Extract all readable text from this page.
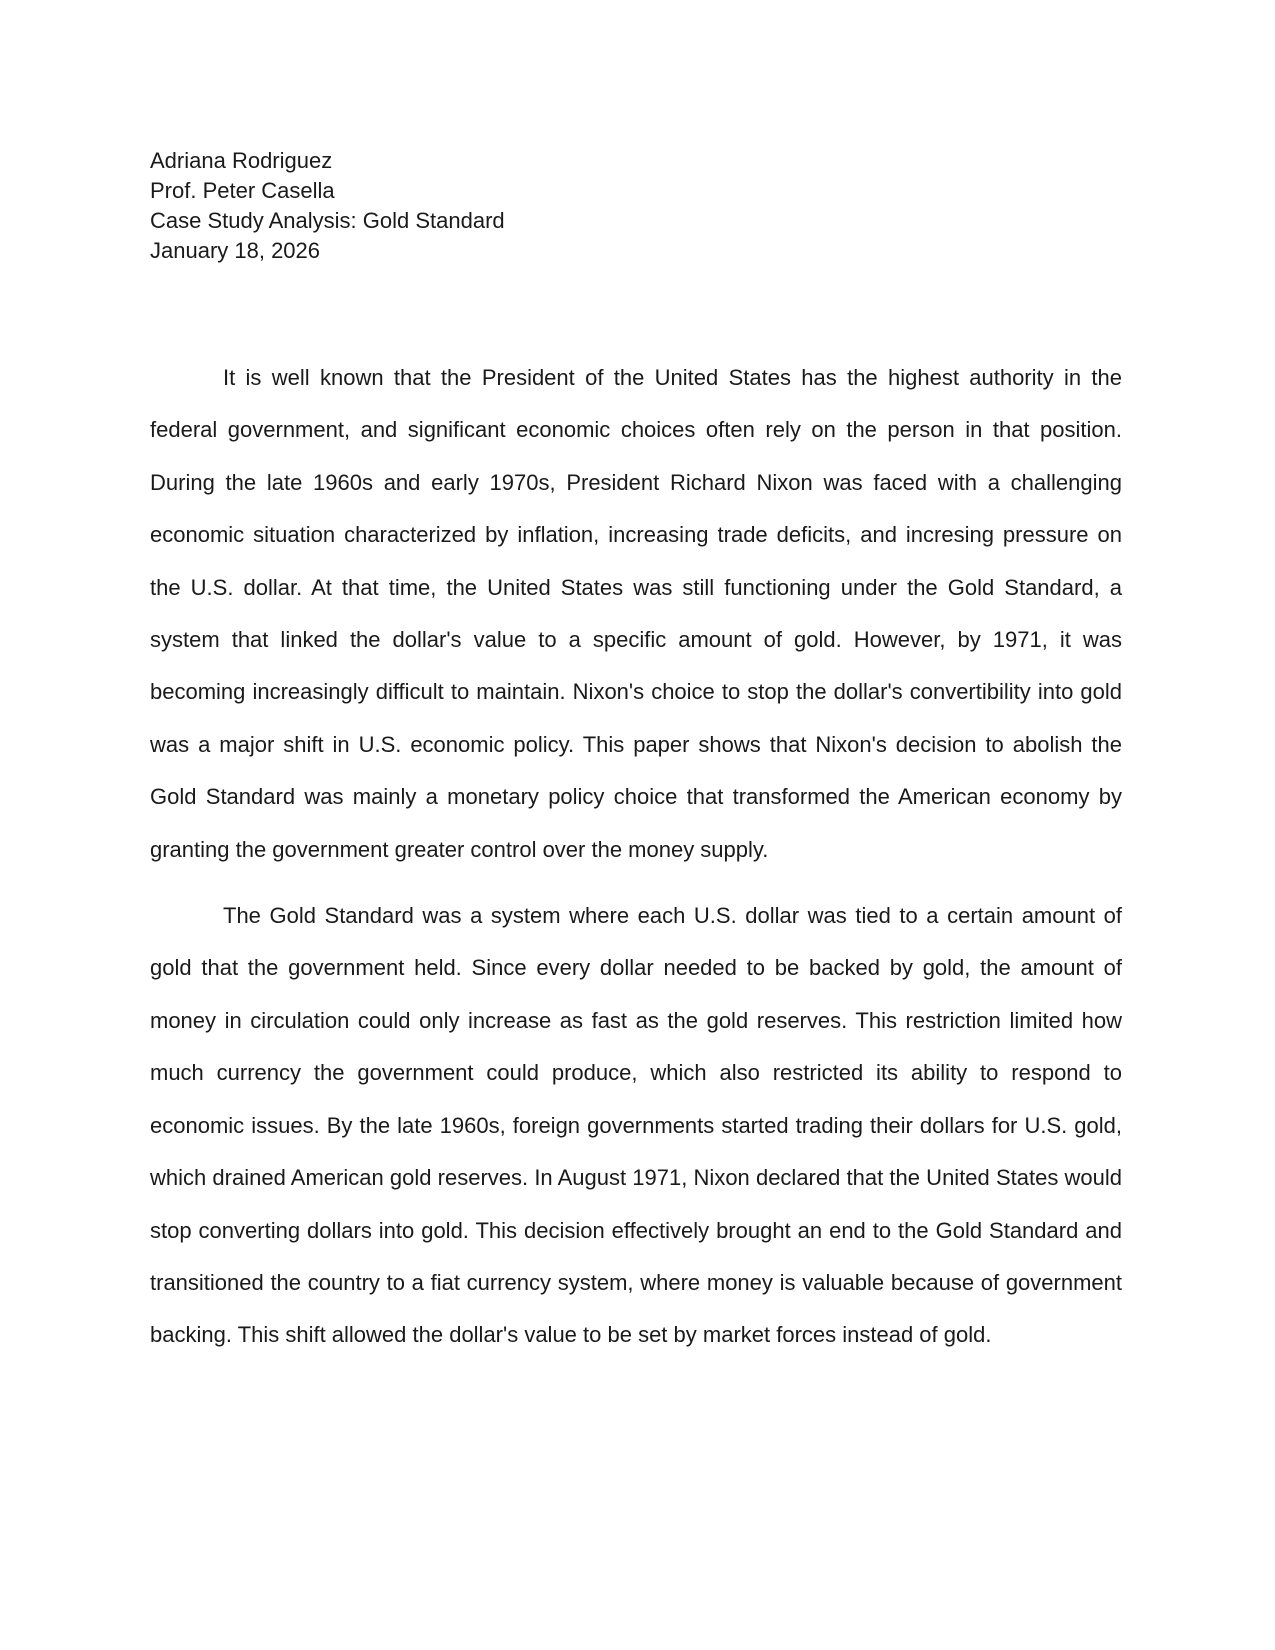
Adriana Rodriguez
Prof. Peter Casella
Case Study Analysis: Gold Standard
January 18, 2026

It is well known that the President of the United States has the highest authority in the federal government, and significant economic choices often rely on the person in that position. During the late 1960s and early 1970s, President Richard Nixon was faced with a challenging economic situation characterized by inflation, increasing trade deficits, and incresing pressure on the U.S. dollar. At that time, the United States was still functioning under the Gold Standard, a system that linked the dollar's value to a specific amount of gold. However, by 1971, it was becoming increasingly difficult to maintain. Nixon's choice to stop the dollar's convertibility into gold was a major shift in U.S. economic policy. This paper shows that Nixon's decision to abolish the Gold Standard was mainly a monetary policy choice that transformed the American economy by granting the government greater control over the money supply.

The Gold Standard was a system where each U.S. dollar was tied to a certain amount of gold that the government held. Since every dollar needed to be backed by gold, the amount of money in circulation could only increase as fast as the gold reserves. This restriction limited how much currency the government could produce, which also restricted its ability to respond to economic issues. By the late 1960s, foreign governments started trading their dollars for U.S. gold, which drained American gold reserves. In August 1971, Nixon declared that the United States would stop converting dollars into gold. This decision effectively brought an end to the Gold Standard and transitioned the country to a fiat currency system, where money is valuable because of government backing. This shift allowed the dollar's value to be set by market forces instead of gold.
